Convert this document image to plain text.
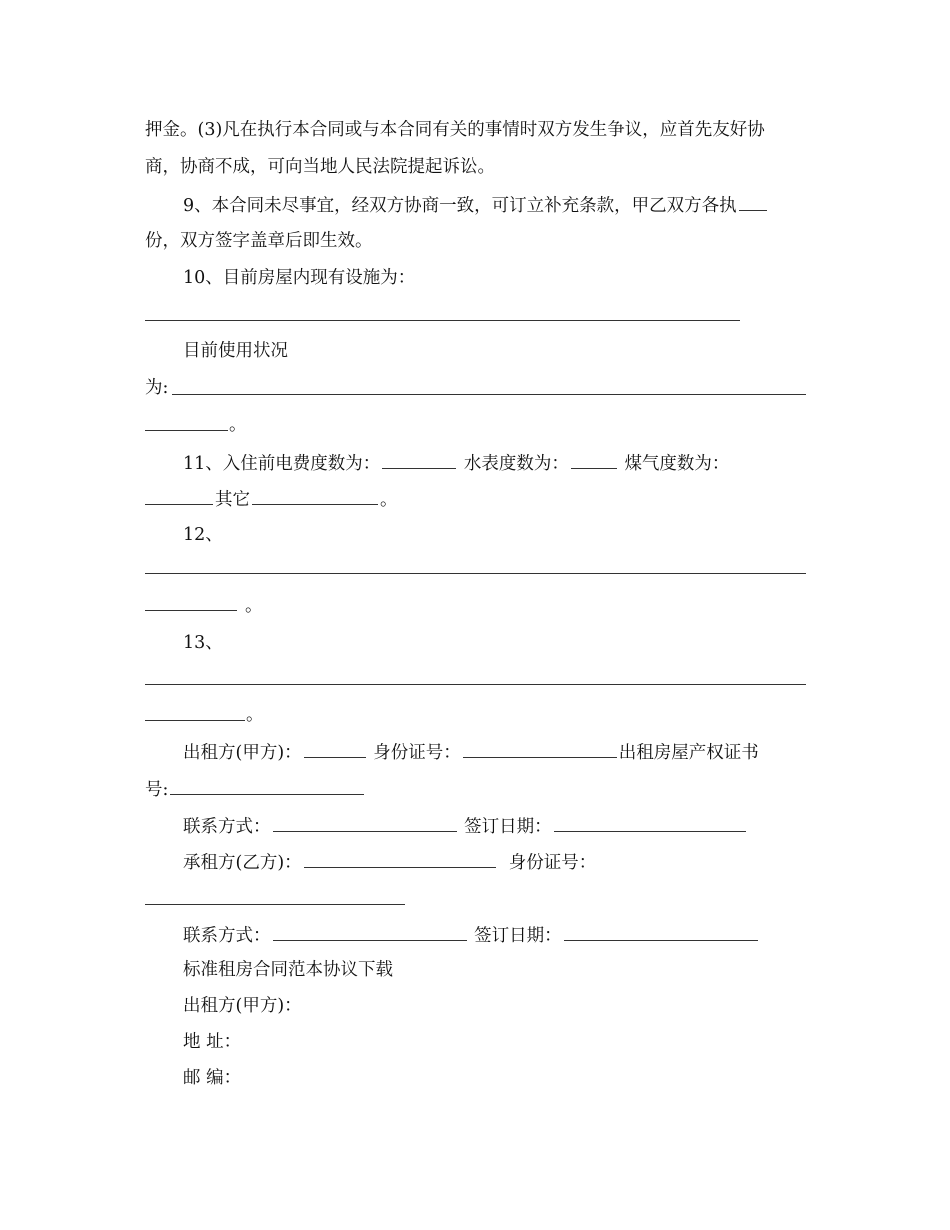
押金。(3)凡在执行本合同或与本合同有关的事情时双方发生争议，应首先友好协
商，协商不成，可向当地人民法院提起诉讼。
9、本合同未尽事宜，经双方协商一致，可订立补充条款，甲乙双方各执
份，双方签字盖章后即生效。
10、目前房屋内现有设施为：
目前使用状况
为:
。
11、入住前电费度数为：	水表度数为：	煤气度数为：
其它	。
12、
。
13、
。
出租方(甲方)：	身份证号：	出租房屋产权证书
号:
联系方式：	签订日期：
承租方(乙方)：	身份证号：
联系方式：	签订日期：
标准租房合同范本协议下载
出租方(甲方)：
地 址：
邮 编：
